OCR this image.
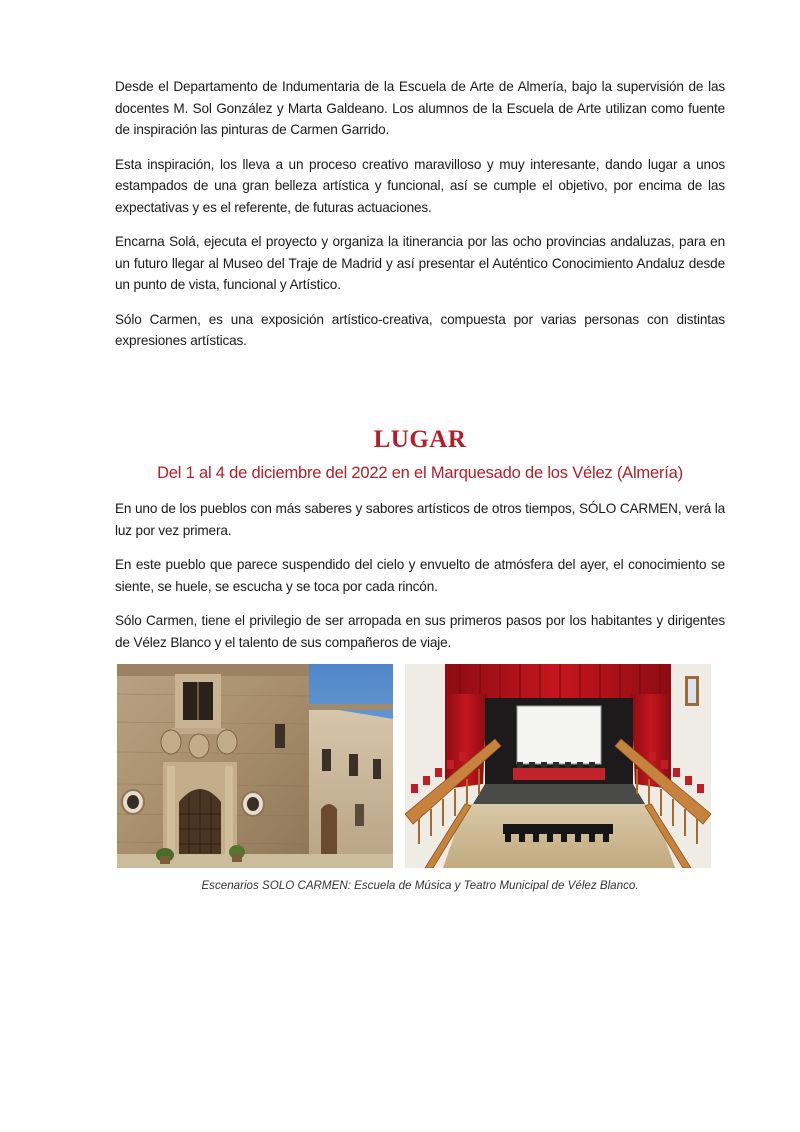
Desde el Departamento de Indumentaria de la Escuela de Arte de Almería, bajo la supervisión de las docentes M. Sol González y Marta Galdeano. Los alumnos de la Escuela de Arte utilizan como fuente de inspiración las pinturas de Carmen Garrido.

Esta inspiración, los lleva a un proceso creativo maravilloso y muy interesante, dando lugar a unos estampados de una gran belleza artística y funcional, así se cumple el objetivo, por encima de las expectativas y es el referente, de futuras actuaciones.

Encarna Solá, ejecuta el proyecto y organiza la itinerancia por las ocho provincias andaluzas, para en un futuro llegar al Museo del Traje de Madrid y así presentar el Auténtico Conocimiento Andaluz desde un punto de vista, funcional y Artístico.

Sólo Carmen, es una exposición artístico-creativa, compuesta por varias personas con distintas expresiones artísticas.

LUGAR
Del 1 al 4 de diciembre del 2022 en el Marquesado de los Vélez (Almería)

En uno de los pueblos con más saberes y sabores artísticos de otros tiempos, SÓLO CARMEN, verá la luz por vez primera.

En este pueblo que parece suspendido del cielo y envuelto de atmósfera del ayer, el conocimiento se siente, se huele, se escucha y se toca por cada rincón.

Sólo Carmen, tiene el privilegio de ser arropada en sus primeros pasos por los habitantes y dirigentes de Vélez Blanco y el talento de sus compañeros de viaje.

Escenarios SOLO CARMEN: Escuela de Música y Teatro Municipal de Vélez Blanco.
